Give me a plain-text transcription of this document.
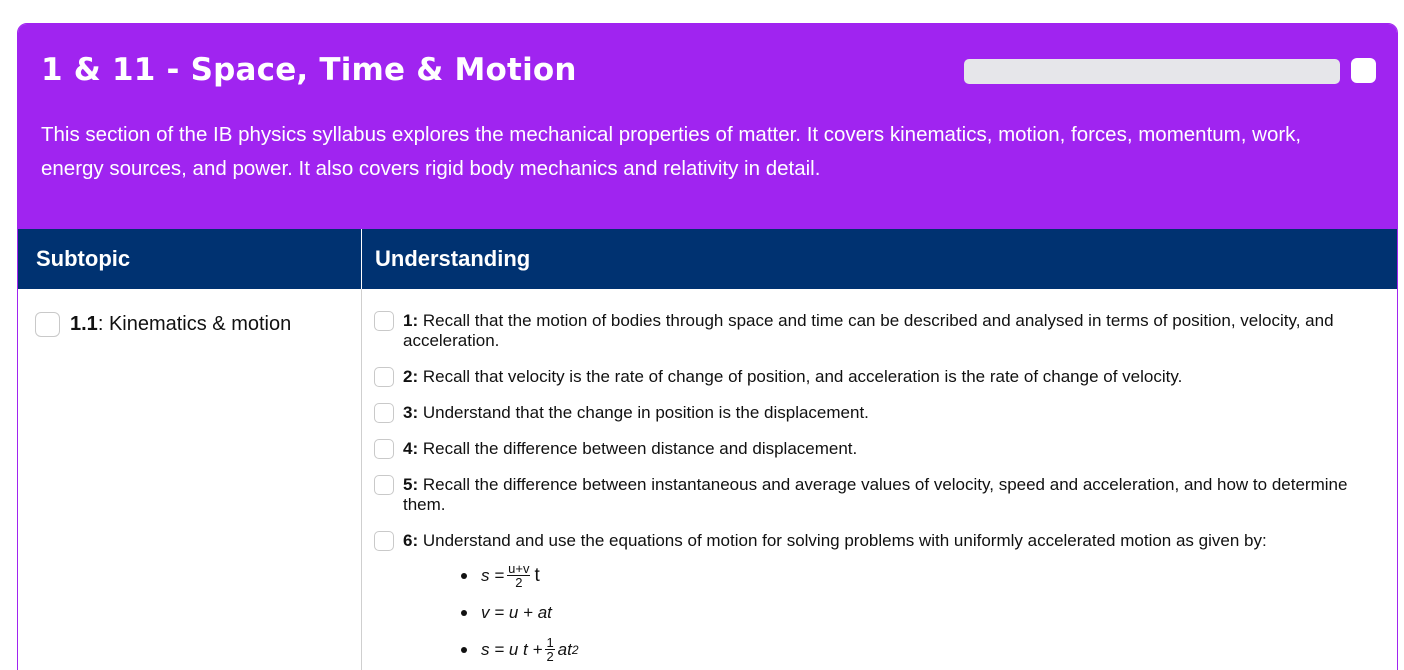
1 & 11 - Space, Time & Motion
This section of the IB physics syllabus explores the mechanical properties of matter. It covers kinematics, motion, forces, momentum, work, energy sources, and power. It also covers rigid body mechanics and relativity in detail.
Subtopic	Understanding
1.1: Kinematics & motion	1: Recall that the motion of bodies through space and time can be described and analysed in terms of position, velocity, and acceleration.
2: Recall that velocity is the rate of change of position, and acceleration is the rate of change of velocity.
3: Understand that the change in position is the displacement.
4: Recall the difference between distance and displacement.
5: Recall the difference between instantaneous and average values of velocity, speed and acceleration, and how to determine them.
6: Understand and use the equations of motion for solving problems with uniformly accelerated motion as given by:
$s = \frac{u+v}{2}$ t
v = u + at
s = u $t + \frac{1}{2}$ at 2
